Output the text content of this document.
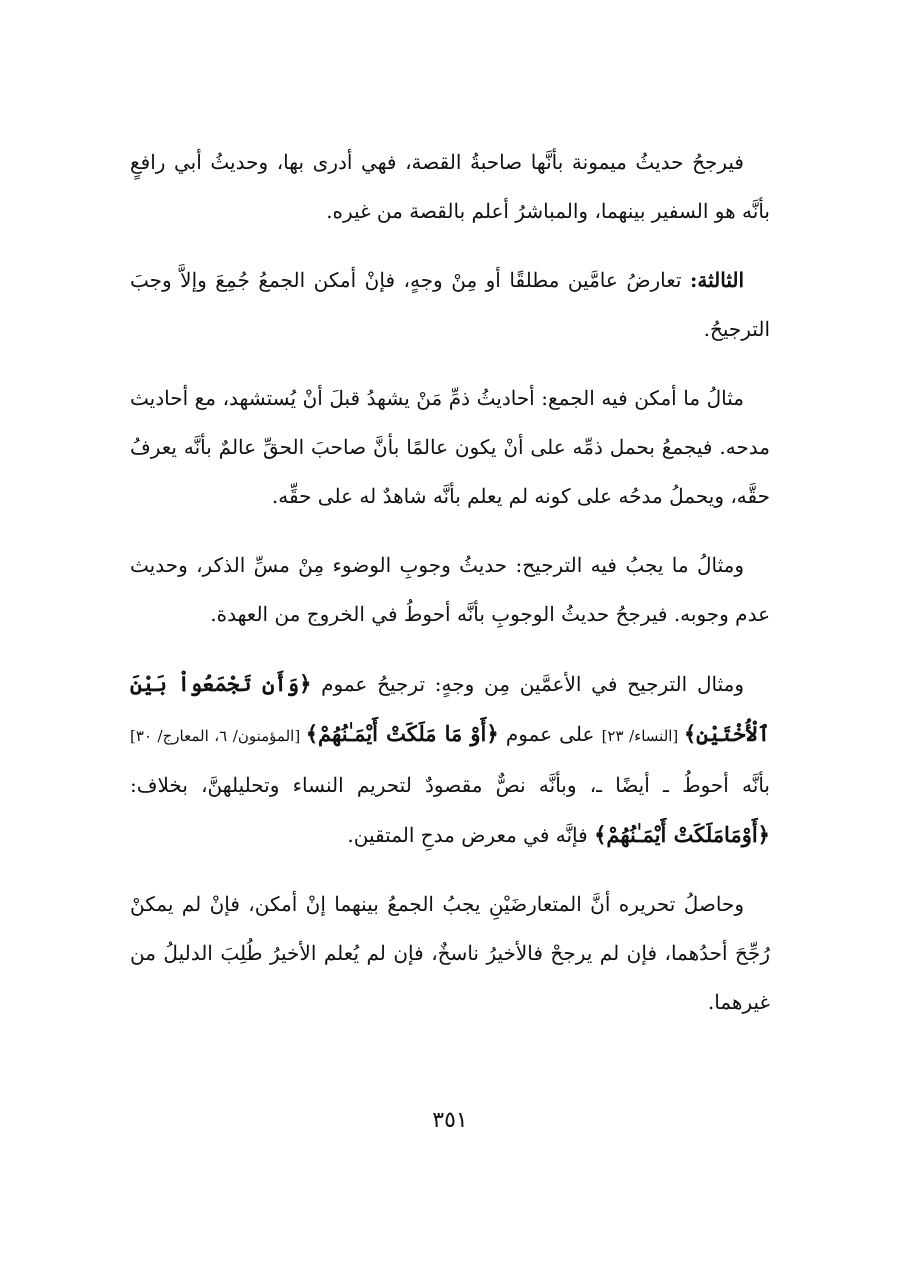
فيرجحُ حديثُ ميمونة بأنَّها صاحبةُ القصة، فهي أدرى بها، وحديثُ أبي رافعٍ بأنَّه هو السفير بينهما، والمباشرُ أعلم بالقصة من غيره.

الثالثة: تعارضُ عامَّين مطلقًا أو مِنْ وجهٍ، فإنْ أمكن الجمعُ جُمِعَ وإلاَّ وجبَ الترجيحُ.

مثالُ ما أمكن فيه الجمع: أحاديثُ ذمِّ مَنْ يشهدُ قبلَ أنْ يُستشهد، مع أحاديث مدحه. فيجمعُ بحمل ذمِّه على أنْ يكون عالمًا بأنَّ صاحبَ الحقِّ عالمٌ بأنَّه يعرفُ حقَّه، ويحملُ مدحُه على كونه لم يعلم بأنَّه شاهدٌ له على حقِّه.

ومثالُ ما يجبُ فيه الترجيح: حديثُ وجوبِ الوضوء مِنْ مسِّ الذكر، وحديث عدم وجوبه. فيرجحُ حديثُ الوجوبِ بأنَّه أحوطُ في الخروج من العهدة.

ومثال الترجيح في الأعمَّين مِن وجهٍ: ترجيحُ عموم ﴿وَأَن تَجْمَعُواْ بَيْنَ ٱلْأُخْتَيْنِ﴾ [النساء/ ٢٣] على عموم ﴿أَوْ مَا مَلَكَتْ أَيْمَـٰنُهُمْ﴾ [المؤمنون/ ٦، المعارج/ ٣٠] بأنَّه أحوطُ ـ أيضًا ـ، وبأنَّه نصٌّ مقصودٌ لتحريم النساء وتحليلهنَّ، بخلاف: ﴿أَوْمَامَلَكَتْ أَيْمَـٰنُهُمْ﴾ فإنَّه في معرض مدحِ المتقين.

وحاصلُ تحريره أنَّ المتعارضَيْنِ يجبُ الجمعُ بينهما إنْ أمكن، فإنْ لم يمكنْ رُجِّحَ أحدُهما، فإن لم يرجحْ فالأخيرُ ناسخٌ، فإن لم يُعلم الأخيرُ طُلِبَ الدليلُ من غيرهما.

٣٥١
